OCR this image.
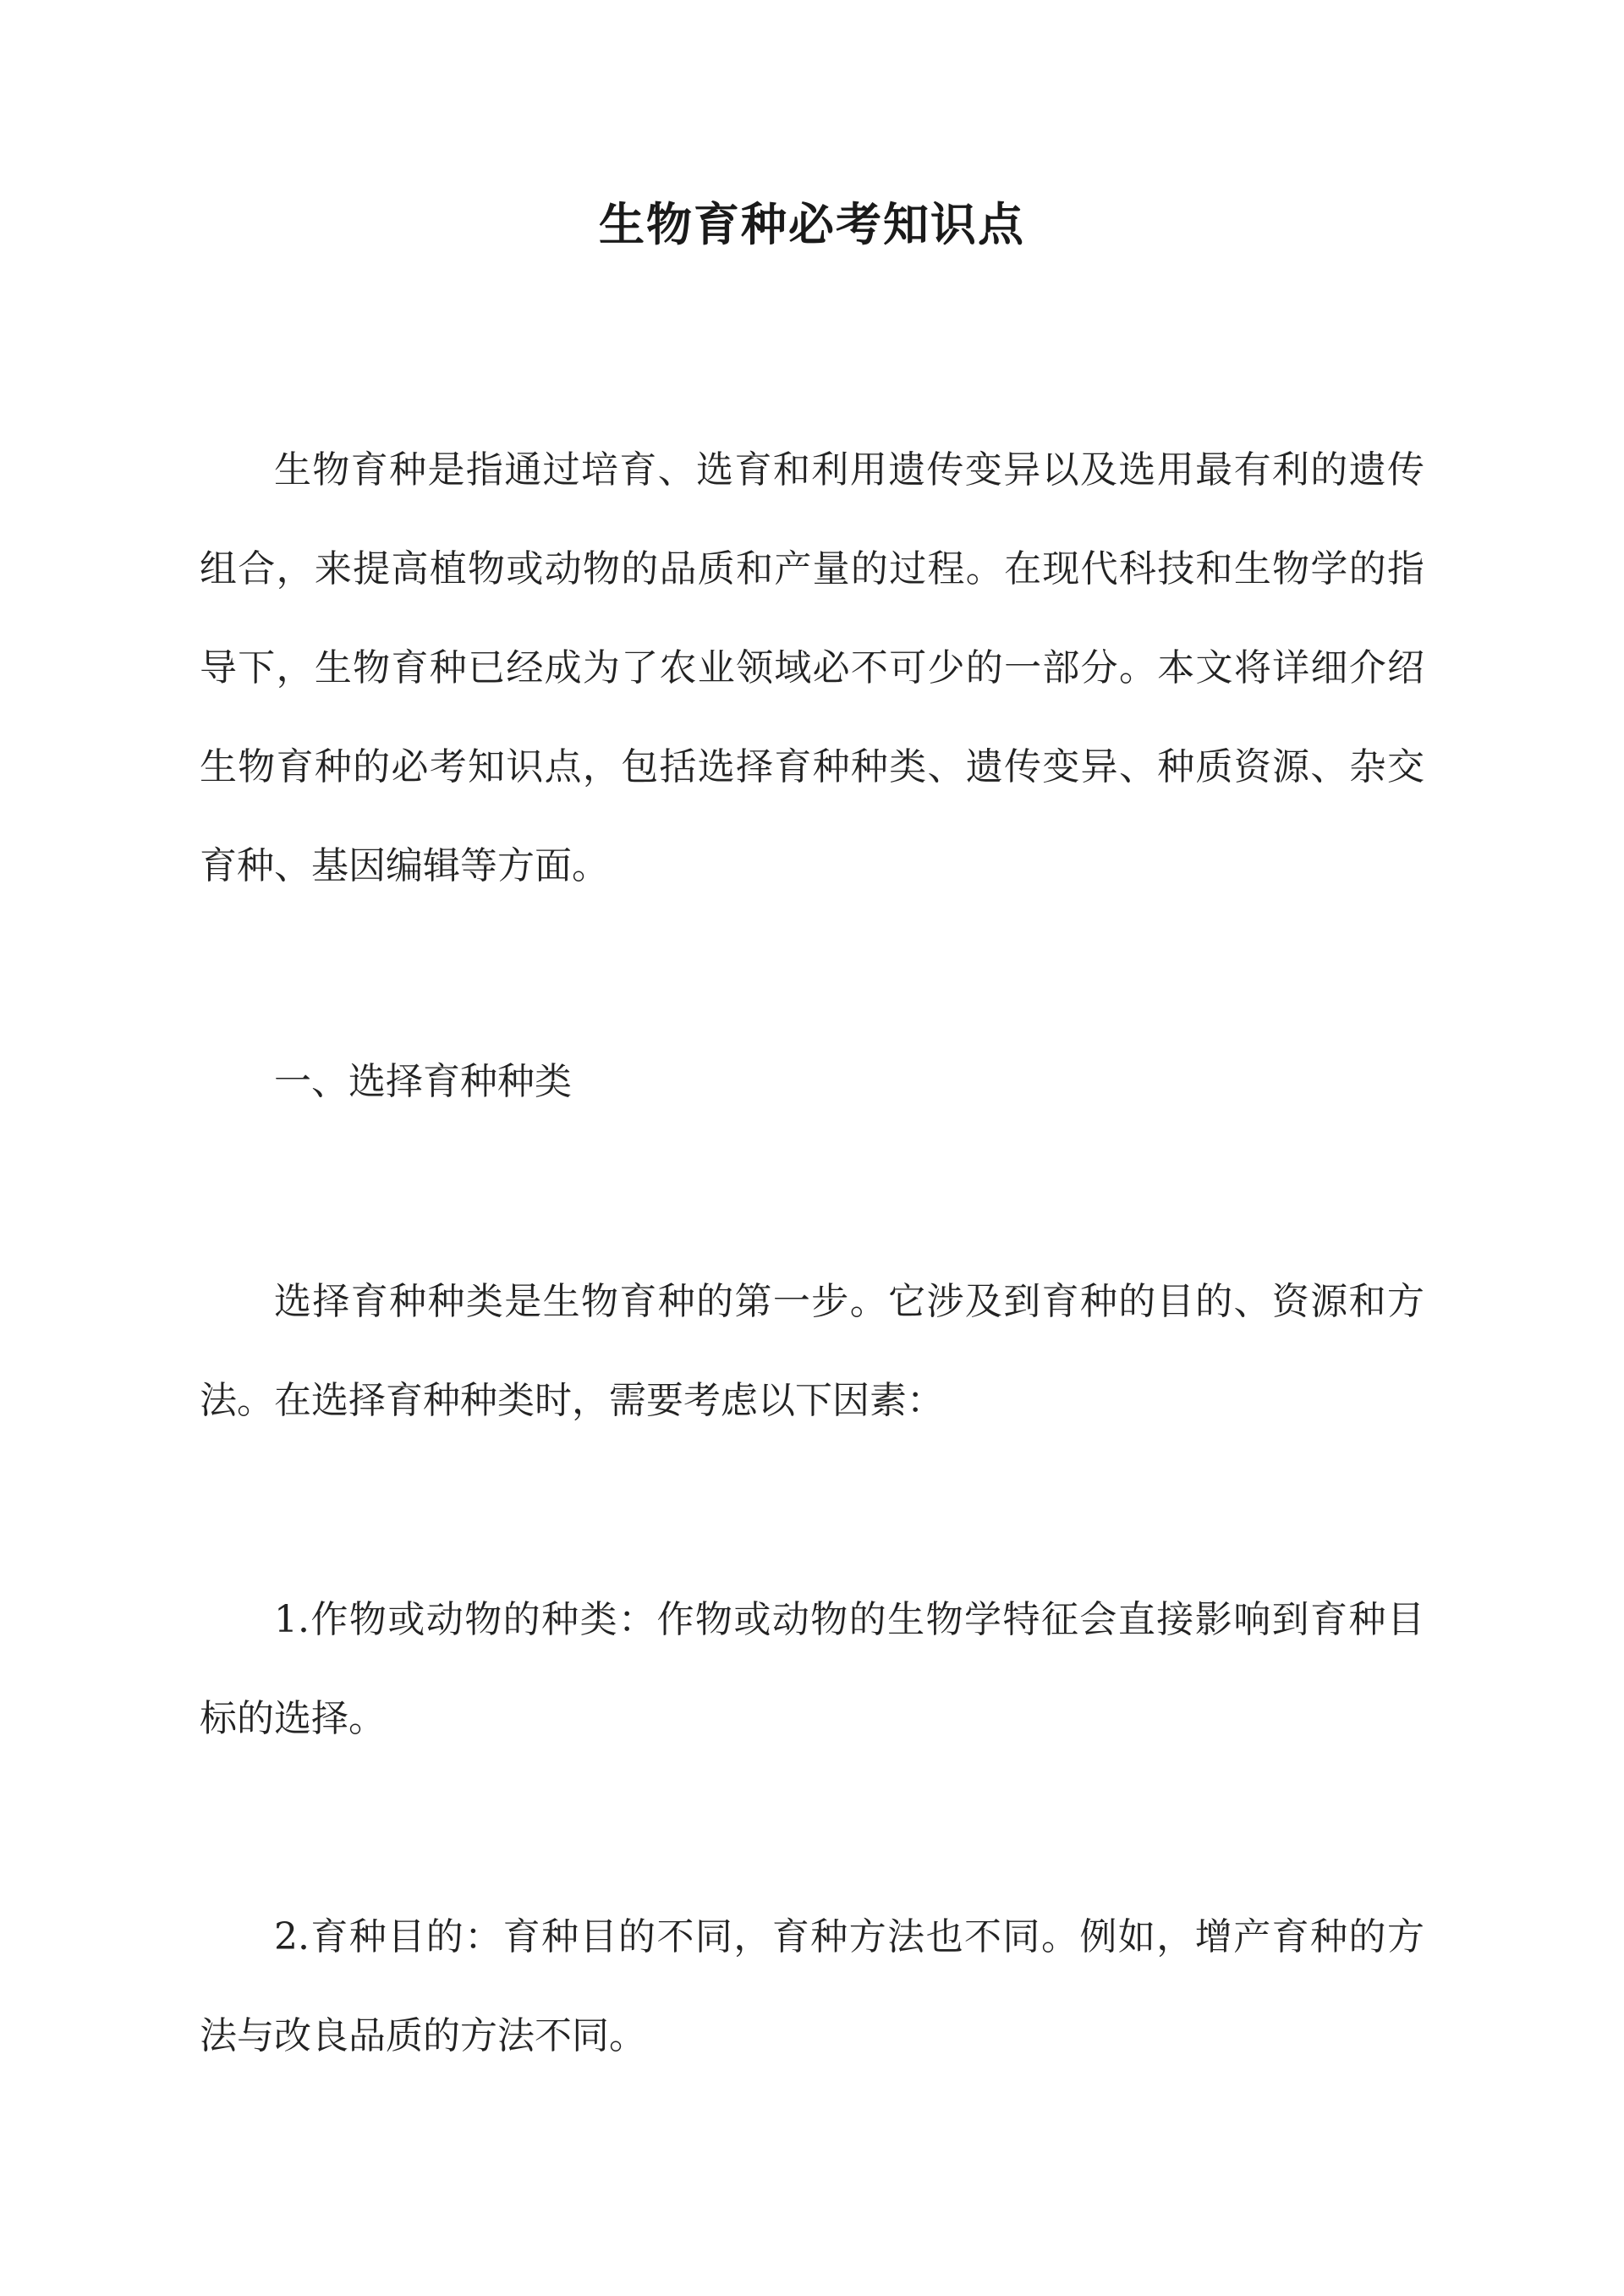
生物育种必考知识点

生物育种是指通过培育、选育和利用遗传变异以及选用最有利的遗传组合，来提高植物或动物的品质和产量的过程。在现代科技和生物学的指导下，生物育种已经成为了农业领域必不可少的一部分。本文将详细介绍生物育种的必考知识点，包括选择育种种类、遗传变异、种质资源、杂交育种、基因编辑等方面。

一、选择育种种类

选择育种种类是生物育种的第一步。它涉及到育种的目的、资源和方法。在选择育种种类时，需要考虑以下因素：

1.作物或动物的种类：作物或动物的生物学特征会直接影响到育种目标的选择。

2.育种目的：育种目的不同，育种方法也不同。例如，增产育种的方法与改良品质的方法不同。
